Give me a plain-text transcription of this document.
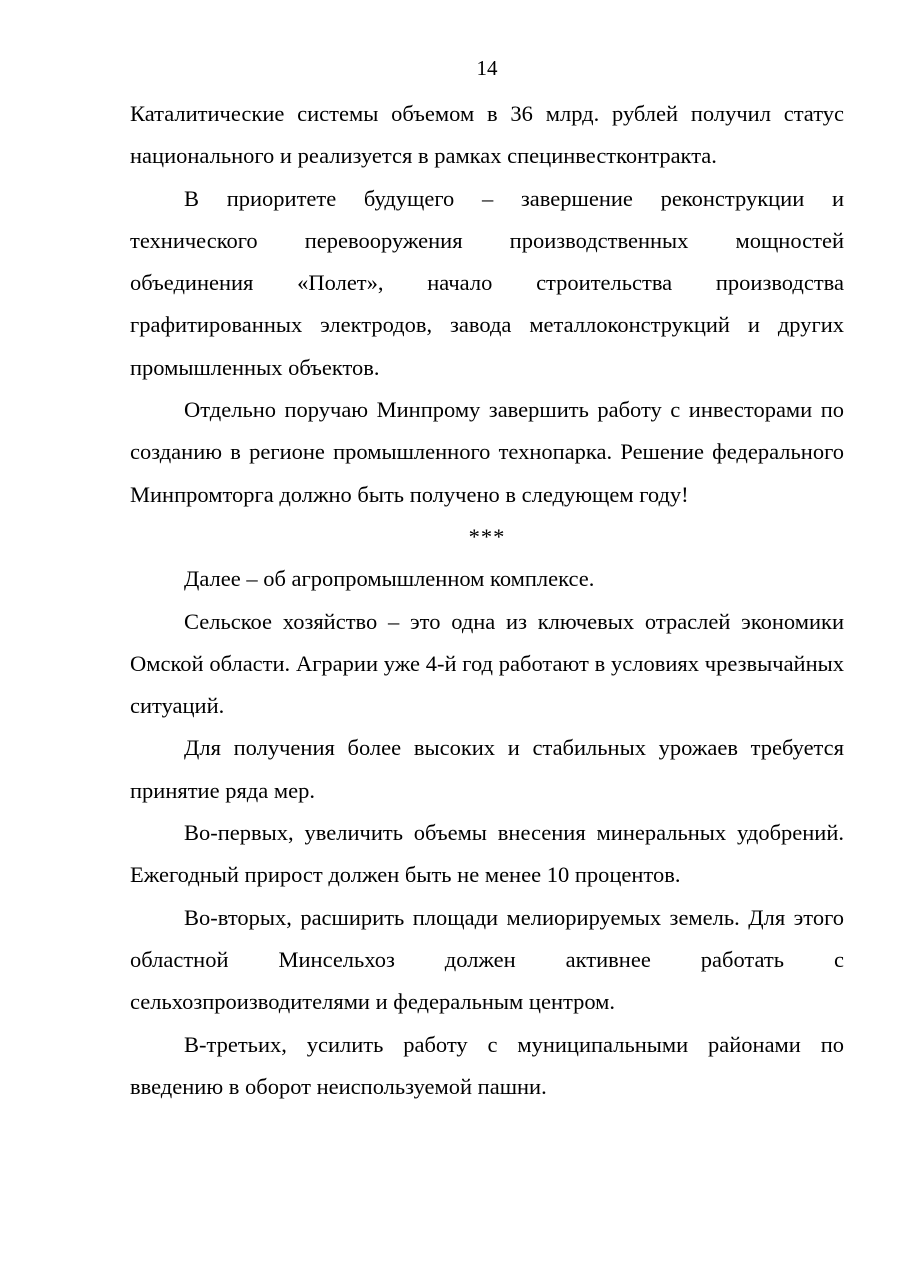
14

Каталитические системы объемом в 36 млрд. рублей получил статус национального и реализуется в рамках специнвестконтракта.

В приоритете будущего – завершение реконструкции и технического перевооружения производственных мощностей объединения «Полет», начало строительства производства графитированных электродов, завода металлоконструкций и других промышленных объектов.

Отдельно поручаю Минпрому завершить работу с инвесторами по созданию в регионе промышленного технопарка. Решение федерального Минпромторга должно быть получено в следующем году!

***

Далее – об агропромышленном комплексе.

Сельское хозяйство – это одна из ключевых отраслей экономики Омской области. Аграрии уже 4-й год работают в условиях чрезвычайных ситуаций.

Для получения более высоких и стабильных урожаев требуется принятие ряда мер.

Во-первых, увеличить объемы внесения минеральных удобрений. Ежегодный прирост должен быть не менее 10 процентов.

Во-вторых, расширить площади мелиорируемых земель. Для этого областной Минсельхоз должен активнее работать с сельхозпроизводителями и федеральным центром.

В-третьих, усилить работу с муниципальными районами по введению в оборот неиспользуемой пашни.
